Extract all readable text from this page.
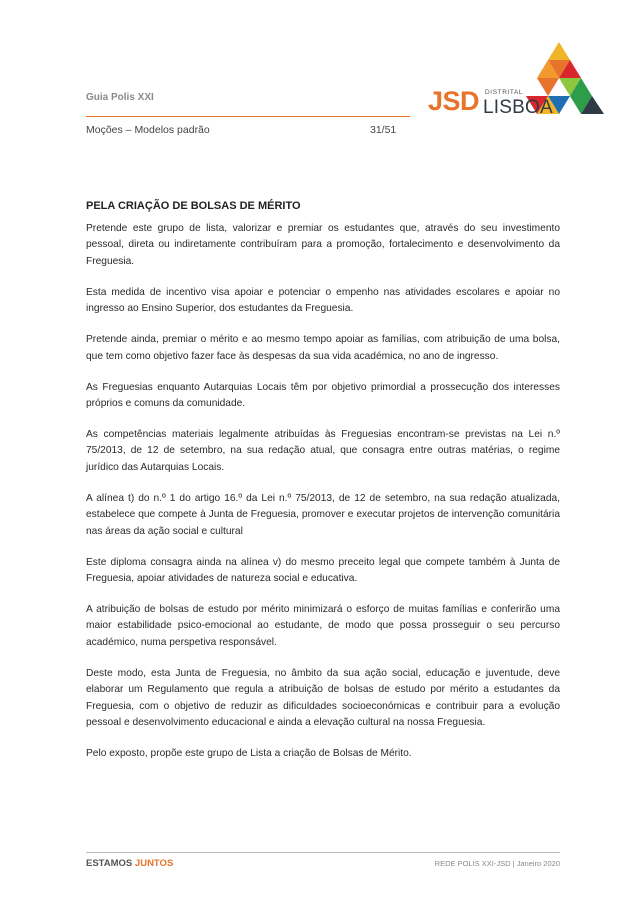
Guia Polis XXI
Moções – Modelos padrão	31/51
JSD DISTRITAL
LISBOA
PELA CRIAÇÃO DE BOLSAS DE MÉRITO

Pretende este grupo de lista, valorizar e premiar os estudantes que, através do seu investimento pessoal, direta ou indiretamente contribuíram para a promoção, fortalecimento e desenvolvimento da Freguesia.

Esta medida de incentivo visa apoiar e potenciar o empenho nas atividades escolares e apoiar no ingresso ao Ensino Superior, dos estudantes da Freguesia.

Pretende ainda, premiar o mérito e ao mesmo tempo apoiar as famílias, com atribuição de uma bolsa, que tem como objetivo fazer face às despesas da sua vida académica, no ano de ingresso.

As Freguesias enquanto Autarquias Locais têm por objetivo primordial a prossecução dos interesses próprios e comuns da comunidade.

As competências materiais legalmente atribuídas às Freguesias encontram-se previstas na Lei n.º 75/2013, de 12 de setembro, na sua redação atual, que consagra entre outras matérias, o regime jurídico das Autarquias Locais.

A alínea t) do n.º 1 do artigo 16.º da Lei n.º 75/2013, de 12 de setembro, na sua redação atualizada, estabelece que compete à Junta de Freguesia, promover e executar projetos de intervenção comunitária nas áreas da ação social e cultural

Este diploma consagra ainda na alínea v) do mesmo preceito legal que compete também à Junta de Freguesia, apoiar atividades de natureza social e educativa.

A atribuição de bolsas de estudo por mérito minimizará o esforço de muitas famílias e conferirão uma maior estabilidade psico-emocional ao estudante, de modo que possa prosseguir o seu percurso académico, numa perspetiva responsável.

Deste modo, esta Junta de Freguesia, no âmbito da sua ação social, educação e juventude, deve elaborar um Regulamento que regula a atribuição de bolsas de estudo por mérito a estudantes da Freguesia, com o objetivo de reduzir as dificuldades socioeconómicas e contribuir para a evolução pessoal e desenvolvimento educacional e ainda a elevação cultural na nossa Freguesia.

Pelo exposto, propõe este grupo de Lista a criação de Bolsas de Mérito.

ESTAMOS JUNTOS	REDE POLIS XXI-JSD | Janeiro 2020
